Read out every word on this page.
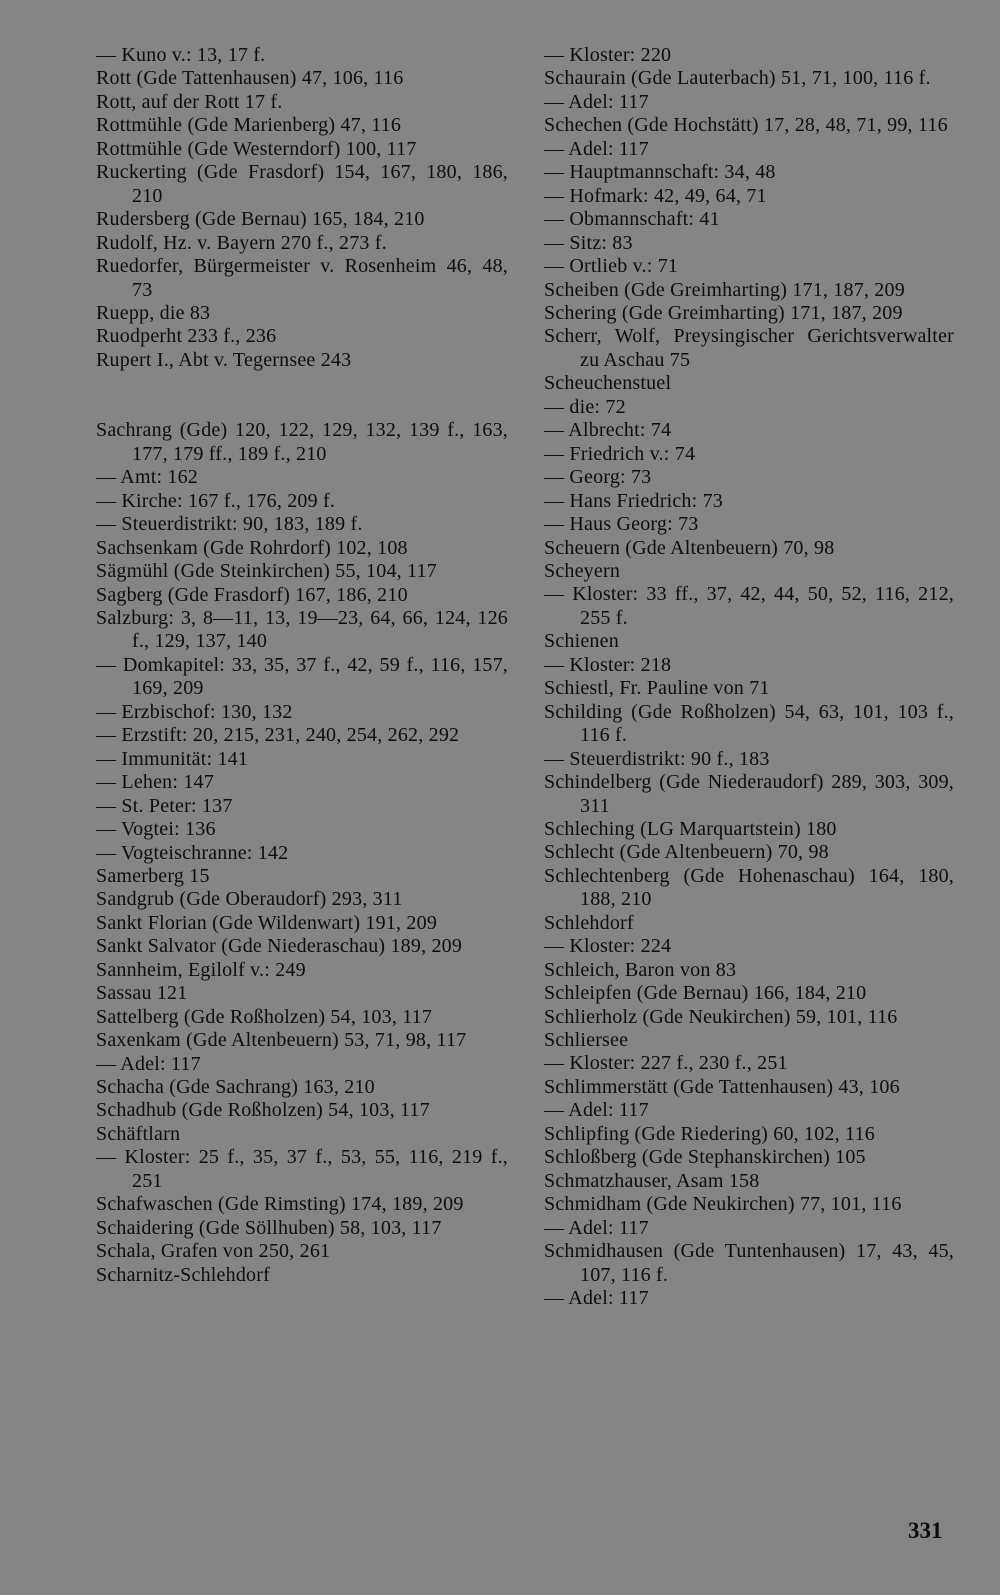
— Kuno v.: 13, 17 f.
Rott (Gde Tattenhausen) 47, 106, 116
Rott, auf der Rott 17 f.
Rottmühle (Gde Marienberg) 47, 116
Rottmühle (Gde Westerndorf) 100, 117
Ruckerting (Gde Frasdorf) 154, 167, 180, 186, 210
Rudersberg (Gde Bernau) 165, 184, 210
Rudolf, Hz. v. Bayern 270 f., 273 f.
Ruedorfer, Bürgermeister v. Rosenheim 46, 48, 73
Ruepp, die 83
Ruodperht 233 f., 236
Rupert I., Abt v. Tegernsee 243
Sachrang (Gde) 120, 122, 129, 132, 139 f., 163, 177, 179 ff., 189 f., 210
— Amt: 162
— Kirche: 167 f., 176, 209 f.
— Steuerdistrikt: 90, 183, 189 f.
Sachsenkam (Gde Rohrdorf) 102, 108
Sägmühl (Gde Steinkirchen) 55, 104, 117
Sagberg (Gde Frasdorf) 167, 186, 210
Salzburg: 3, 8—11, 13, 19—23, 64, 66, 124, 126 f., 129, 137, 140
— Domkapitel: 33, 35, 37 f., 42, 59 f., 116, 157, 169, 209
— Erzbischof: 130, 132
— Erzstift: 20, 215, 231, 240, 254, 262, 292
— Immunität: 141
— Lehen: 147
— St. Peter: 137
— Vogtei: 136
— Vogteischranne: 142
Samerberg 15
Sandgrub (Gde Oberaudorf) 293, 311
Sankt Florian (Gde Wildenwart) 191, 209
Sankt Salvator (Gde Niederaschau) 189, 209
Sannheim, Egilolf v.: 249
Sassau 121
Sattelberg (Gde Roßholzen) 54, 103, 117
Saxenkam (Gde Altenbeuern) 53, 71, 98, 117
— Adel: 117
Schacha (Gde Sachrang) 163, 210
Schadhub (Gde Roßholzen) 54, 103, 117
Schäftlarn
— Kloster: 25 f., 35, 37 f., 53, 55, 116, 219 f., 251
Schafwaschen (Gde Rimsting) 174, 189, 209
Schaidering (Gde Söllhuben) 58, 103, 117
Schala, Grafen von 250, 261
Scharnitz-Schlehdorf
— Kloster: 220
Schaurain (Gde Lauterbach) 51, 71, 100, 116 f.
— Adel: 117
Schechen (Gde Hochstätt) 17, 28, 48, 71, 99, 116
— Adel: 117
— Hauptmannschaft: 34, 48
— Hofmark: 42, 49, 64, 71
— Obmannschaft: 41
— Sitz: 83
— Ortlieb v.: 71
Scheiben (Gde Greimharting) 171, 187, 209
Schering (Gde Greimharting) 171, 187, 209
Scherr, Wolf, Preysingischer Gerichtsverwalter zu Aschau 75
Scheuchenstuel
— die: 72
— Albrecht: 74
— Friedrich v.: 74
— Georg: 73
— Hans Friedrich: 73
— Haus Georg: 73
Scheuern (Gde Altenbeuern) 70, 98
Scheyern
— Kloster: 33 ff., 37, 42, 44, 50, 52, 116, 212, 255 f.
Schienen
— Kloster: 218
Schiestl, Fr. Pauline von 71
Schilding (Gde Roßholzen) 54, 63, 101, 103 f., 116 f.
— Steuerdistrikt: 90 f., 183
Schindelberg (Gde Niederaudorf) 289, 303, 309, 311
Schleching (LG Marquartstein) 180
Schlecht (Gde Altenbeuern) 70, 98
Schlechtenberg (Gde Hohenaschau) 164, 180, 188, 210
Schlehdorf
— Kloster: 224
Schleich, Baron von 83
Schleipfen (Gde Bernau) 166, 184, 210
Schlierholz (Gde Neukirchen) 59, 101, 116
Schliersee
— Kloster: 227 f., 230 f., 251
Schlimmerstätt (Gde Tattenhausen) 43, 106
— Adel: 117
Schlipfing (Gde Riedering) 60, 102, 116
Schloßberg (Gde Stephanskirchen) 105
Schmatzhauser, Asam 158
Schmidham (Gde Neukirchen) 77, 101, 116
— Adel: 117
Schmidhausen (Gde Tuntenhausen) 17, 43, 45, 107, 116 f.
— Adel: 117
331
